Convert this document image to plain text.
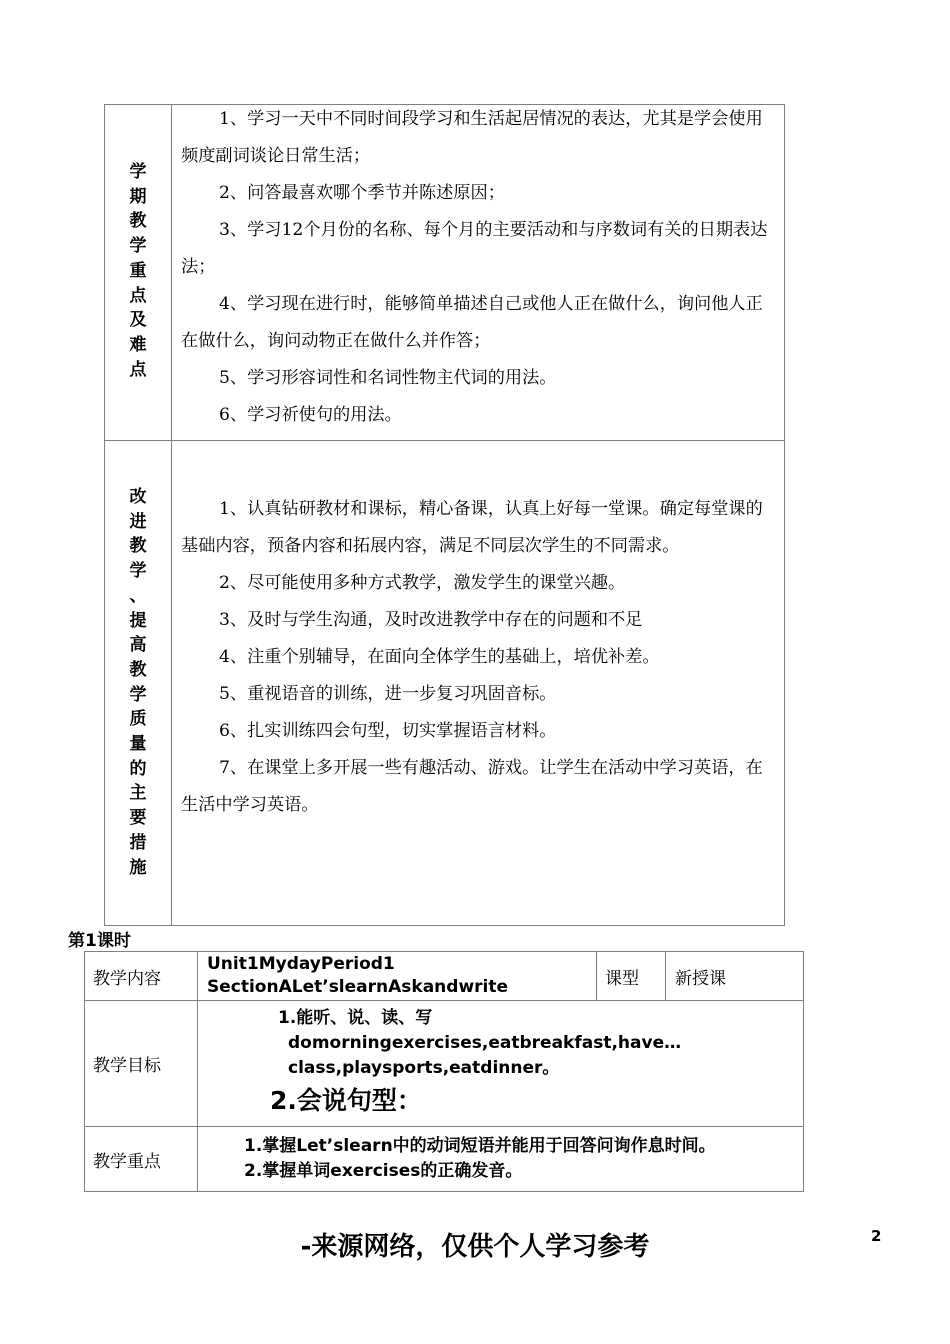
学
期
教
学
重
点
及
难
点

1、学习一天中不同时间段学习和生活起居情况的表达，尤其是学会使用频度副词谈论日常生活；

2、问答最喜欢哪个季节并陈述原因；

3、学习12个月份的名称、每个月的主要活动和与序数词有关的日期表达法；

4、学习现在进行时，能够简单描述自己或他人正在做什么，询问他人正在做什么，询问动物正在做什么并作答；

5、学习形容词性和名词性物主代词的用法。

6、学习祈使句的用法。

改
进
教
学
、
提
高
教
学
质
量
的
主
要
措
施

1、认真钻研教材和课标，精心备课，认真上好每一堂课。确定每堂课的基础内容，预备内容和拓展内容，满足不同层次学生的不同需求。

2、尽可能使用多种方式教学，激发学生的课堂兴趣。

3、及时与学生沟通，及时改进教学中存在的问题和不足

4、注重个别辅导，在面向全体学生的基础上，培优补差。

5、重视语音的训练，进一步复习巩固音标。

6、扎实训练四会句型，切实掌握语言材料。

7、在课堂上多开展一些有趣活动、游戏。让学生在活动中学习英语，在生活中学习英语。

第1课时
教学内容	Unit1MydayPeriod1
SectionALet’slearnAskandwrite	课型	新授课
教学目标	1.能听、说、读、写
domorningexercises,eatbreakfast,have…
class,playsports,eatdinner。
2.会说句型：		

教学重点	1.掌握Let’slearn中的动词短语并能用于回答问询作息时间。
2.掌握单词exercises的正确发音。		
-来源网络，仅供个人学习参考	2
